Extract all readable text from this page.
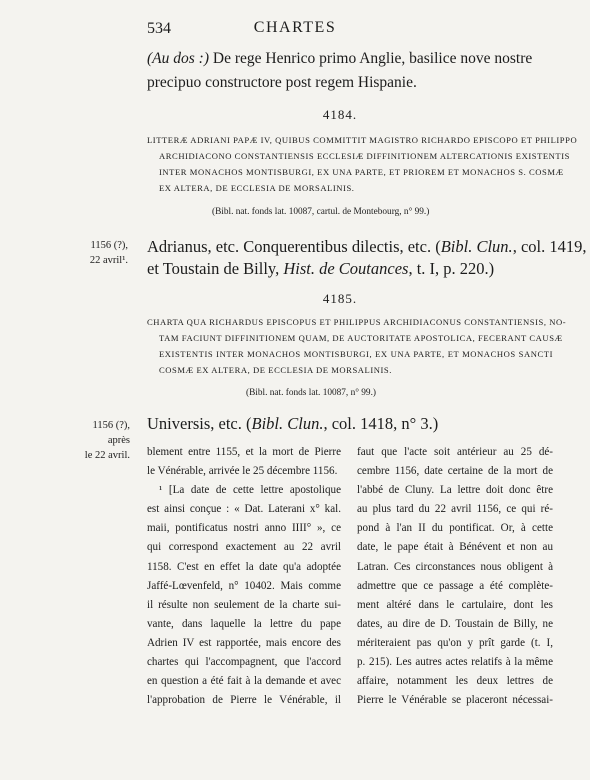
534	CHARTES
(Au dos :) De rege Henrico primo Anglie, basilice nove nostre
precipuo constructore post regem Hispanie.
4184.
LITTERÆ ADRIANI PAPÆ IV, QUIBUS COMMITTIT MAGISTRO RICHARDO EPISCOPO ET PHILIPPO
ARCHIDIACONO CONSTANTIENSIS ECCLESIÆ DIFFINITIONEM ALTERCATIONIS EXISTENTIS
INTER MONACHOS MONTISBURGI, EX UNA PARTE, ET PRIOREM ET MONACHOS S. COSMÆ
EX ALTERA, DE ECCLESIA DE MORSALINIS.
(Bibl. nat. fonds lat. 10087, cartul. de Montebourg, n° 99.)
1156 (?),
22 avril¹.
Adrianus, etc. Conquerentibus dilectis, etc. (Bibl. Clun., col. 1419,
et Toustain de Billy, Hist. de Coutances, t. I, p. 220.)
4185.
CHARTA QUA RICHARDUS EPISCOPUS ET PHILIPPUS ARCHIDIACONUS CONSTANTIENSIS, NO-
TAM FACIUNT DIFFINITIONEM QUAM, DE AUCTORITATE APOSTOLICA, FECERANT CAUSÆ
EXISTENTIS INTER MONACHOS MONTISBURGI, EX UNA PARTE, ET MONACHOS SANCTI
COSMÆ EX ALTERA, DE ECCLESIA DE MORSALINIS.
(Bibl. nat. fonds lat. 10087, n° 99.)
1156 (?),
après
le 22 avril.
Universis, etc. (Bibl. Clun., col. 1418, n° 3.)
blement entre 1155, et la mort de Pierre
le Vénérable, arrivée le 25 décembre 1156.
¹ [La date de cette lettre apostolique
est ainsi conçue : « Dat. Laterani x° kal.
maii, pontificatus nostri anno IIII° », ce
qui correspond exactement au 22 avril
1158. C'est en effet la date qu'a adoptée
Jaffé-Lœvenfeld, n° 10402. Mais comme
il résulte non seulement de la charte sui-
vante, dans laquelle la lettre du pape
Adrien IV est rapportée, mais encore des
chartes qui l'accompagnent, que l'accord
en question a été fait à la demande et avec
l'approbation de Pierre le Vénérable, il
faut que l'acte soit antérieur au 25 dé-
cembre 1156, date certaine de la mort de
l'abbé de Cluny. La lettre doit donc être
au plus tard du 22 avril 1156, ce qui ré-
pond à l'an II du pontificat. Or, à cette
date, le pape était à Bénévent et non au
Latran. Ces circonstances nous obligent à
admettre que ce passage a été complète-
ment altéré dans le cartulaire, dont les
dates, au dire de D. Toustain de Billy, ne
mériteraient pas qu'on y prît garde (t. I,
p. 215). Les autres actes relatifs à la même
affaire, notamment les deux lettres de
Pierre le Vénérable se placeront nécessai-
